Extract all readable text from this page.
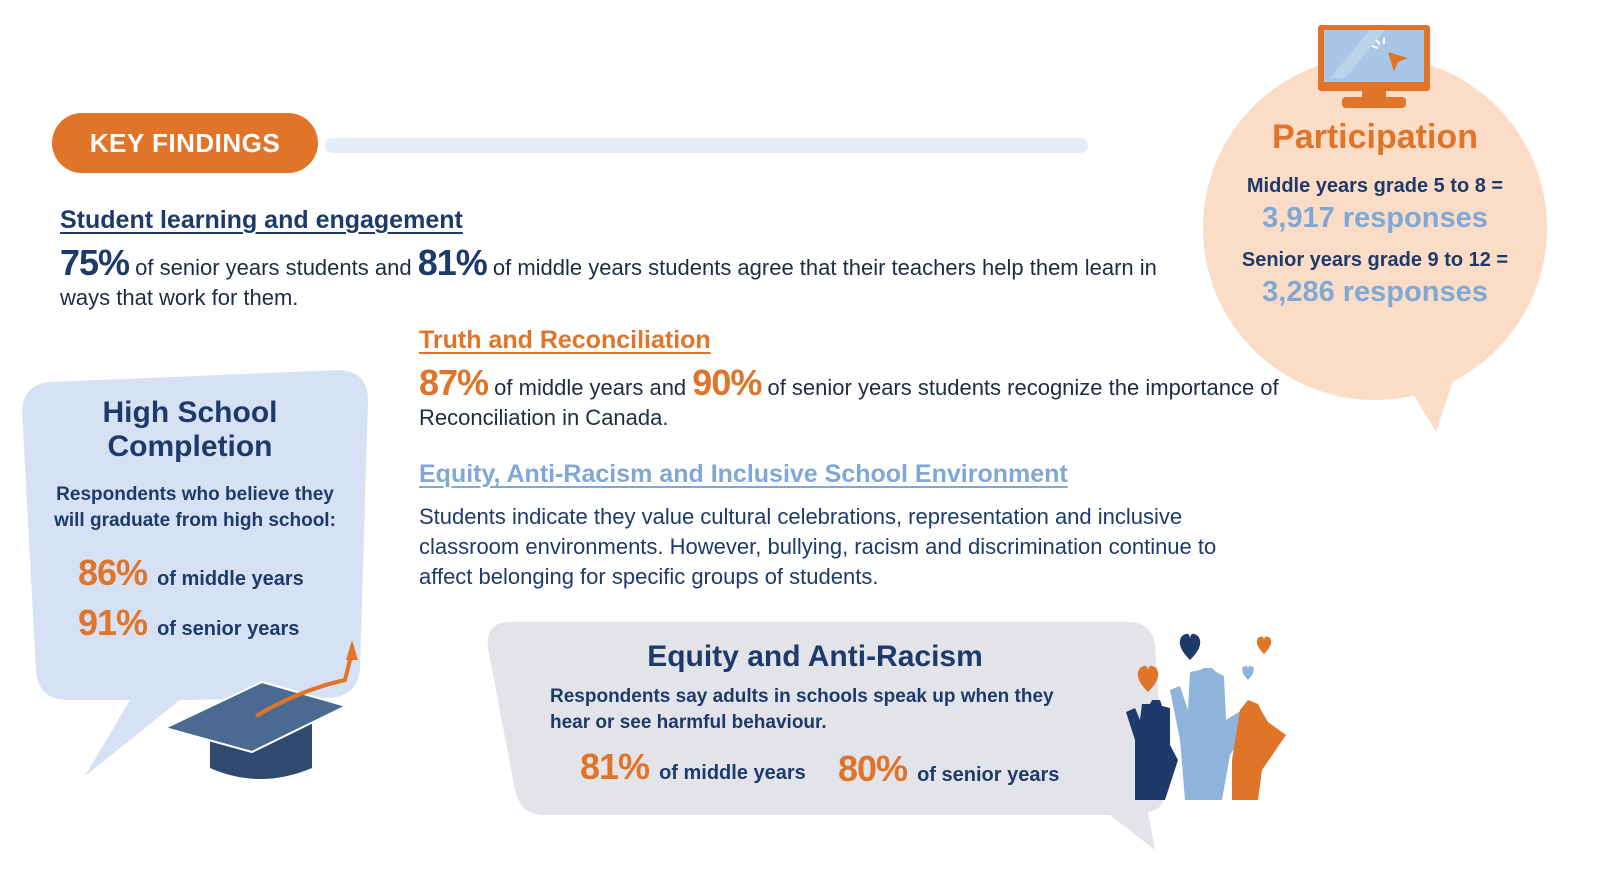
KEY FINDINGS
Student learning and engagement
75% of senior years students and 81% of middle years students agree that their teachers help them learn in ways that work for them.
Truth and Reconciliation
87% of middle years and 90% of senior years students recognize the importance of Reconciliation in Canada.
Equity, Anti-Racism and Inclusive School Environment
Students indicate they value cultural celebrations, representation and inclusive classroom environments. However, bullying, racism and discrimination continue to affect belonging for specific groups of students.
Participation
Middle years grade 5 to 8 =
3,917 responses
Senior years grade 9 to 12 =
3,286 responses
High School Completion
Respondents who believe they will graduate from high school:
86% of middle years
91% of senior years
Equity and Anti-Racism
Respondents say adults in schools speak up when they hear or see harmful behaviour.
81% of middle years 80% of senior years
